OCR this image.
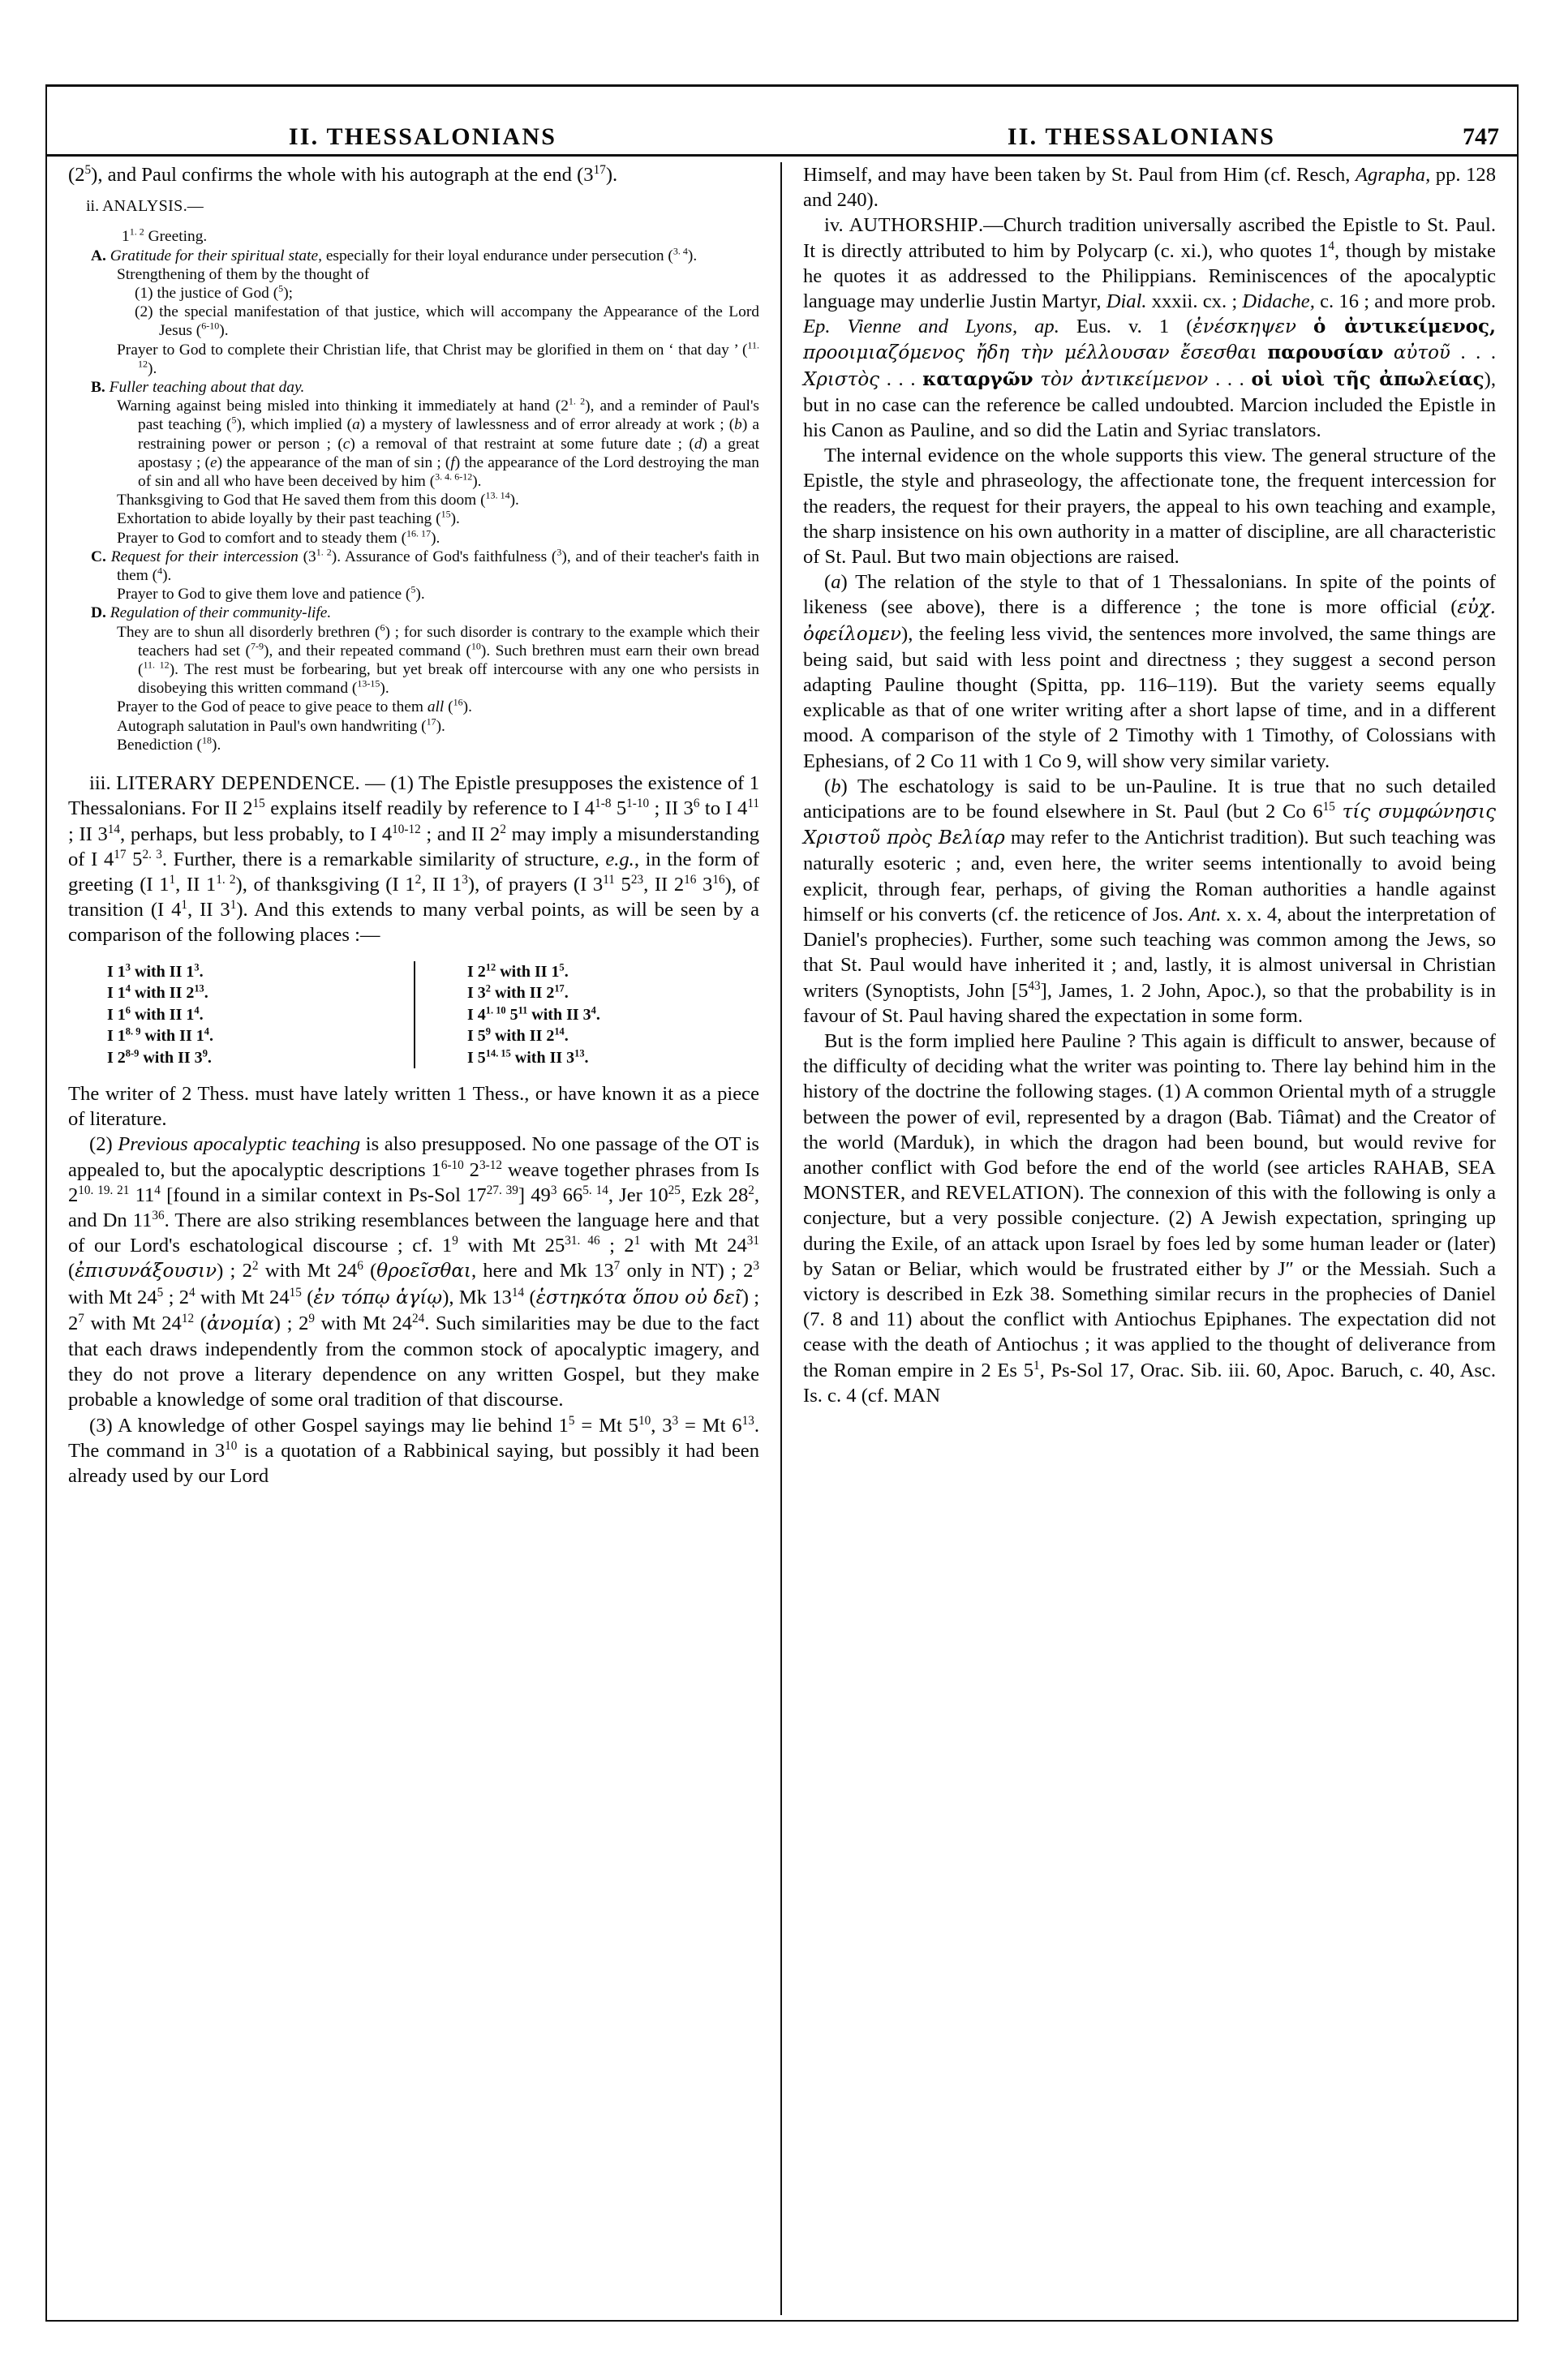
II. THESSALONIANS	II. THESSALONIANS	747

$(2^5)$, and Paul confirms the whole with his autograph at the end $(3^{17})$.

ii. ANALYSIS.—

$1^{1. 2}$ Greeting.

A. Gratitude for their spiritual state, especially for their loyal endurance under persecution ($^{3. 4}$).

Strengthening of them by the thought of

(1) the justice of God ($^5$);

(2) the special manifestation of that justice, which will accompany the Appearance of the Lord Jesus ($^{6-10}$).

Prayer to God to complete their Christian life, that Christ may be glorified in them on ‘ that day ’ ($^{11. 12}$).

B. Fuller teaching about that day.

Warning against being misled into thinking it immediately at hand $(2^{1. 2})$, and a reminder of Paul's past teaching ($^5$), which implied (a) a mystery of lawlessness and of error already at work ; (b) a restraining power or person ; (c) a removal of that restraint at some future date ; (d) a great apostasy ; (e) the appearance of the man of sin ; (f) the appearance of the Lord destroying the man of sin and all who have been deceived by him ($^{3. 4. 6-12}$).

Thanksgiving to God that He saved them from this doom ($^{13. 14}$).

Exhortation to abide loyally by their past teaching ($^{15}$).

Prayer to God to comfort and to steady them ($^{16. 17}$).

C. Request for their intercession $(3^{1. 2})$. Assurance of God's faithfulness ($^3$), and of their teacher's faith in them ($^4$).

Prayer to God to give them love and patience ($^5$).

D. Regulation of their community-life.

They are to shun all disorderly brethren ($^6$) ; for such disorder is contrary to the example which their teachers had set ($^{7-9}$), and their repeated command ($^{10}$). Such brethren must earn their own bread ($^{11. 12}$). The rest must be forbearing, but yet break off intercourse with any one who persists in disobeying this written command ($^{13-15}$).

Prayer to the God of peace to give peace to them all ($^{16}$).

Autograph salutation in Paul's own handwriting ($^{17}$).

Benediction ($^{18}$).

iii. LITERARY DEPENDENCE. — (1) The Epistle presupposes the existence of 1 Thessalonians. For II $2^{15}$ explains itself readily by reference to I 4$^{1-8}$ 5$^{1-10}$ ; II $3^6$ to I $4^{11}$ ; II $3^{14}$, perhaps, but less probably, to I 4$^{10-12}$ ; and II $2^2$ may imply a misunderstanding of I $4^{17}$ $5^{2. 3}$. Further, there is a remarkable similarity of structure, e.g., in the form of greeting (I $1^1$, II $1^{1. 2}$), of thanksgiving (I $1^2$, II $1^3$), of prayers (I $3^{11}$ $5^{23}$, II $2^{16}$ $3^{16}$), of transition (I $4^1$, II $3^1$). And this extends to many verbal points, as will be seen by a comparison of the following places :—

I $1^3$ with II $1^3$.
I $1^4$ with II $2^{13}$.
I $1^6$ with II $1^4$.
I $1^{8. 9}$ with II $1^4$.
I 2$^{8-9}$ with II $3^9$.
I $2^{12}$ with II $1^5$.
I $3^2$ with II $2^{17}$.
I $4^{1. 10}$ $5^{11}$ with II $3^4$.
I $5^9$ with II $2^{14}$.
I $5^{14. 15}$ with II $3^{13}$.

The writer of 2 Thess. must have lately written 1 Thess., or have known it as a piece of literature.

(2) Previous apocalyptic teaching is also presupposed. No one passage of the OT is appealed to, but the apocalyptic descriptions 1$^{6-10}$ 2$^{3-12}$ weave together phrases from Is $2^{10. 19. 21}$ $11^4$ [found in a similar context in Ps-Sol $17^{27. 39}$] $49^3$ $66^{5. 14}$, Jer $10^{25}$, Ezk $28^2$, and Dn $11^{36}$. There are also striking resemblances between the language here and that of our Lord's eschatological discourse ; cf. $1^9$ with Mt $25^{31. 46}$ ; $2^1$ with Mt $24^{31}$ (ἐπισυνάξουσιν) ; $2^2$ with Mt $24^6$ (θροεῖσθαι, here and Mk $13^7$ only in NT) ; $2^3$ with Mt $24^5$ ; $2^4$ with Mt $24^{15}$ (ἐν τόπῳ ἁγίῳ), Mk $13^{14}$ (ἑστηκότα ὅπου οὐ δεῖ) ; $2^7$ with Mt $24^{12}$ (ἀνομία) ; $2^9$ with Mt $24^{24}$. Such similarities may be due to the fact that each draws independently from the common stock of apocalyptic imagery, and they do not prove a literary dependence on any written Gospel, but they make probable a knowledge of some oral tradition of that discourse.

(3) A knowledge of other Gospel sayings may lie behind $1^5 = Mt$ $5^{10}$, $3^3 = Mt$ $6^{13}$. The command in $3^{10}$ is a quotation of a Rabbinical saying, but possibly it had been already used by our Lord

Himself, and may have been taken by St. Paul from Him (cf. Resch, Agrapha, pp. 128 and 240).

iv. AUTHORSHIP.—Church tradition universally ascribed the Epistle to St. Paul. It is directly attributed to him by Polycarp (c. xi.), who quotes $1^4$, though by mistake he quotes it as addressed to the Philippians. Reminiscences of the apocalyptic language may underlie Justin Martyr, Dial. xxxii. cx. ; Didache, c. 16 ; and more prob. Ep. Vienne and Lyons, ap. Eus. v. 1 (ἐνέσκηψεν ὁ ἀντικείμενος, προοιμιαζόμενος ἤδη τὴν μέλλουσαν ἔσεσθαι παρουσίαν αὐτοῦ . . . Χριστὸς . . . καταργῶν τὸν ἀντικείμενον . . . οἱ υἱοὶ τῆς ἀπωλείας), but in no case can the reference be called undoubted. Marcion included the Epistle in his Canon as Pauline, and so did the Latin and Syriac translators.

The internal evidence on the whole supports this view. The general structure of the Epistle, the style and phraseology, the affectionate tone, the frequent intercession for the readers, the request for their prayers, the appeal to his own teaching and example, the sharp insistence on his own authority in a matter of discipline, are all characteristic of St. Paul. But two main objections are raised.

(a) The relation of the style to that of 1 Thessalonians. In spite of the points of likeness (see above), there is a difference ; the tone is more official (εὐχ. ὀφείλομεν), the feeling less vivid, the sentences more involved, the same things are being said, but said with less point and directness ; they suggest a second person adapting Pauline thought (Spitta, pp. 116–119). But the variety seems equally explicable as that of one writer writing after a short lapse of time, and in a different mood. A comparison of the style of 2 Timothy with 1 Timothy, of Colossians with Ephesians, of 2 Co 11 with 1 Co 9, will show very similar variety.

(b) The eschatology is said to be un-Pauline. It is true that no such detailed anticipations are to be found elsewhere in St. Paul (but 2 Co $6^{15}$ τίς συμφώνησις Χριστοῦ πρὸς Βελίαρ may refer to the Antichrist tradition). But such teaching was naturally esoteric ; and, even here, the writer seems intentionally to avoid being explicit, through fear, perhaps, of giving the Roman authorities a handle against himself or his converts (cf. the reticence of Jos. Ant. x. x. 4, about the interpretation of Daniel's prophecies). Further, some such teaching was common among the Jews, so that St. Paul would have inherited it ; and, lastly, it is almost universal in Christian writers (Synoptists, John $[5^{43}]$, James, 1. 2 John, Apoc.), so that the probability is in favour of St. Paul having shared the expectation in some form.

But is the form implied here Pauline ? This again is difficult to answer, because of the difficulty of deciding what the writer was pointing to. There lay behind him in the history of the doctrine the following stages. (1) A common Oriental myth of a struggle between the power of evil, represented by a dragon (Bab. Tiâmat) and the Creator of the world (Marduk), in which the dragon had been bound, but would revive for another conflict with God before the end of the world (see articles RAHAB, SEA MONSTER, and REVELATION). The connexion of this with the following is only a conjecture, but a very possible conjecture. (2) A Jewish expectation, springing up during the Exile, of an attack upon Israel by foes led by some human leader or (later) by Satan or Beliar, which would be frustrated either by J″ or the Messiah. Such a victory is described in Ezk 38. Something similar recurs in the prophecies of Daniel (7. 8 and 11) about the conflict with Antiochus Epiphanes. The expectation did not cease with the death of Antiochus ; it was applied to the thought of deliverance from the Roman empire in 2 Es $5^1$, Ps-Sol 17, Orac. Sib. iii. 60, Apoc. Baruch, c. 40, Asc. Is. c. 4 (cf. MAN
